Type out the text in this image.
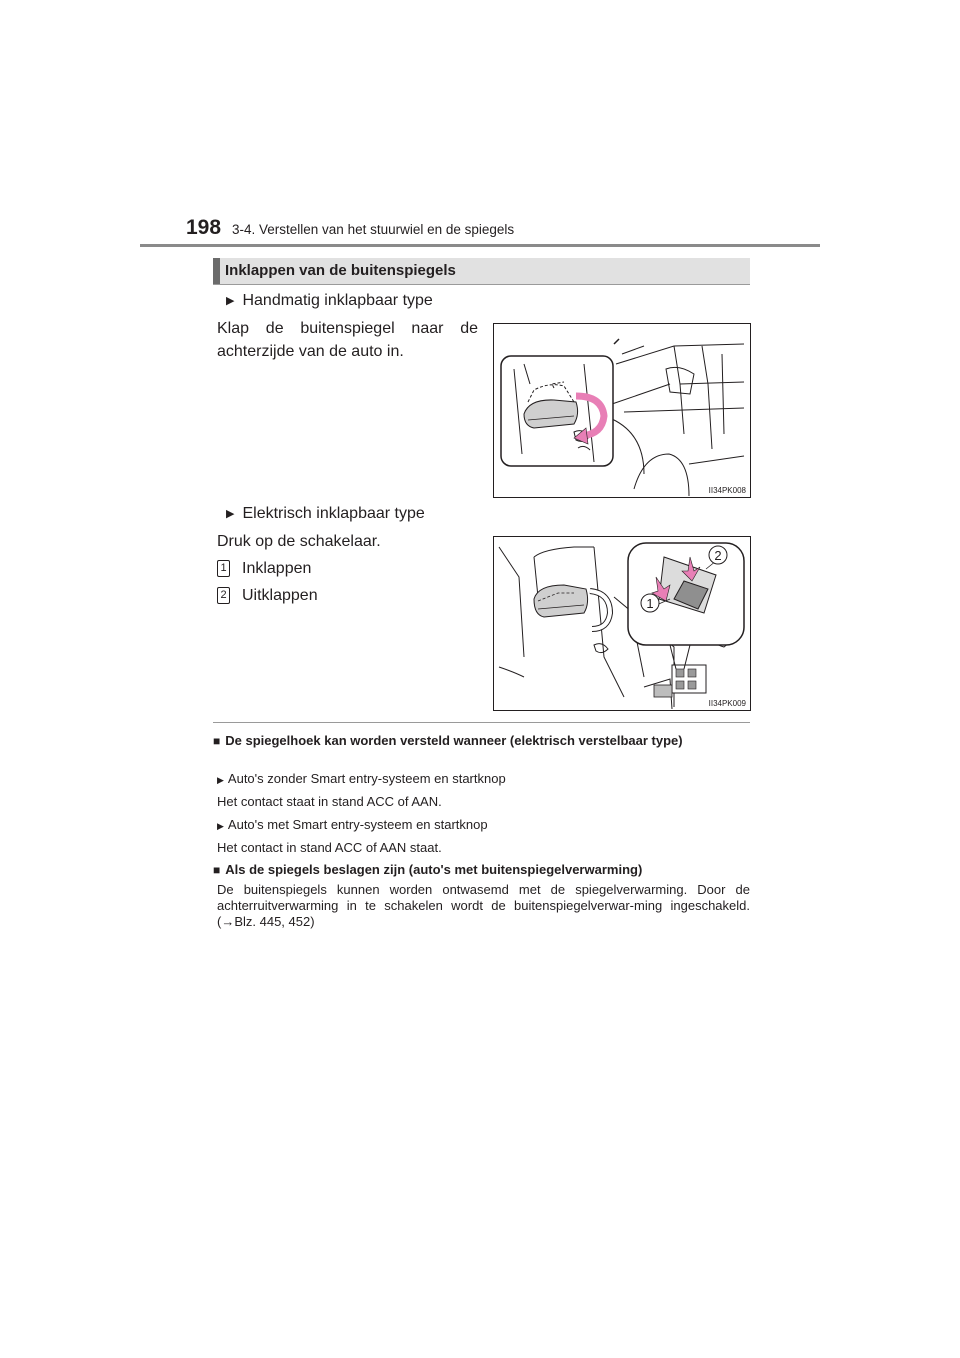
198 3-4. Verstellen van het stuurwiel en de spiegels
Inklappen van de buitenspiegels
▶ Handmatig inklapbaar type
Klap de buitenspiegel naar de
achterzijde van de auto in.
II34PK008
▶ Elektrisch inklapbaar type
Druk op de schakelaar.
1 Inklappen
2 Uitklappen
2
1
II34PK009
■ De spiegelhoek kan worden versteld wanneer (elektrisch verstelbaar type)
▶ Auto's zonder Smart entry-systeem en startknop
Het contact staat in stand ACC of AAN.
▶ Auto's met Smart entry-systeem en startknop
Het contact in stand ACC of AAN staat.
■ Als de spiegels beslagen zijn (auto's met buitenspiegelverwarming)
De buitenspiegels kunnen worden ontwasemd met de spiegelverwarming. Door de achterruitverwarming in te schakelen wordt de buitenspiegelverwar-ming ingeschakeld. (→Blz. 445, 452)
